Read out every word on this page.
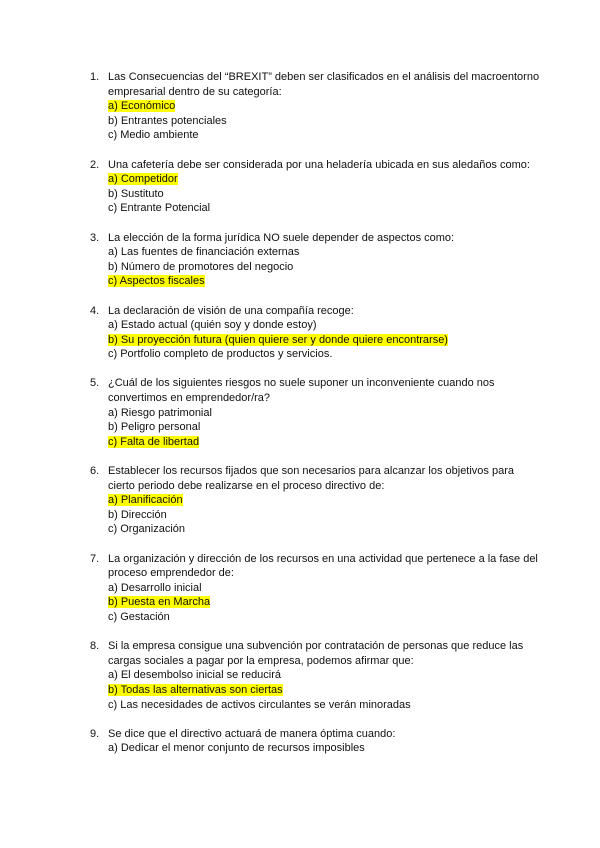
1. Las Consecuencias del “BREXIT” deben ser clasificados en el análisis del macroentorno empresarial dentro de su categoría:
a) Económico
b) Entrantes potenciales
c) Medio ambiente
2. Una cafetería debe ser considerada por una heladería ubicada en sus aledaños como:
a) Competidor
b) Sustituto
c) Entrante Potencial
3. La elección de la forma jurídica NO suele depender de aspectos como:
a) Las fuentes de financiación externas
b) Número de promotores del negocio
c) Aspectos fiscales
4. La declaración de visión de una compañía recoge:
a) Estado actual (quién soy y donde estoy)
b) Su proyección futura (quien quiere ser y donde quiere encontrarse)
c) Portfolio completo de productos y servicios.
5. ¿Cuál de los siguientes riesgos no suele suponer un inconveniente cuando nos convertimos en emprendedor/ra?
a) Riesgo patrimonial
b) Peligro personal
c) Falta de libertad
6. Establecer los recursos fijados que son necesarios para alcanzar los objetivos para cierto periodo debe realizarse en el proceso directivo de:
a) Planificación
b) Dirección
c) Organización
7. La organización y dirección de los recursos en una actividad que pertenece a la fase del proceso emprendedor de:
a) Desarrollo inicial
b) Puesta en Marcha
c) Gestación
8. Si la empresa consigue una subvención por contratación de personas que reduce las cargas sociales a pagar por la empresa, podemos afirmar que:
a) El desembolso inicial se reducirá
b) Todas las alternativas son ciertas
c) Las necesidades de activos circulantes se verán minoradas
9. Se dice que el directivo actuará de manera óptima cuando:
a) Dedicar el menor conjunto de recursos imposibles
